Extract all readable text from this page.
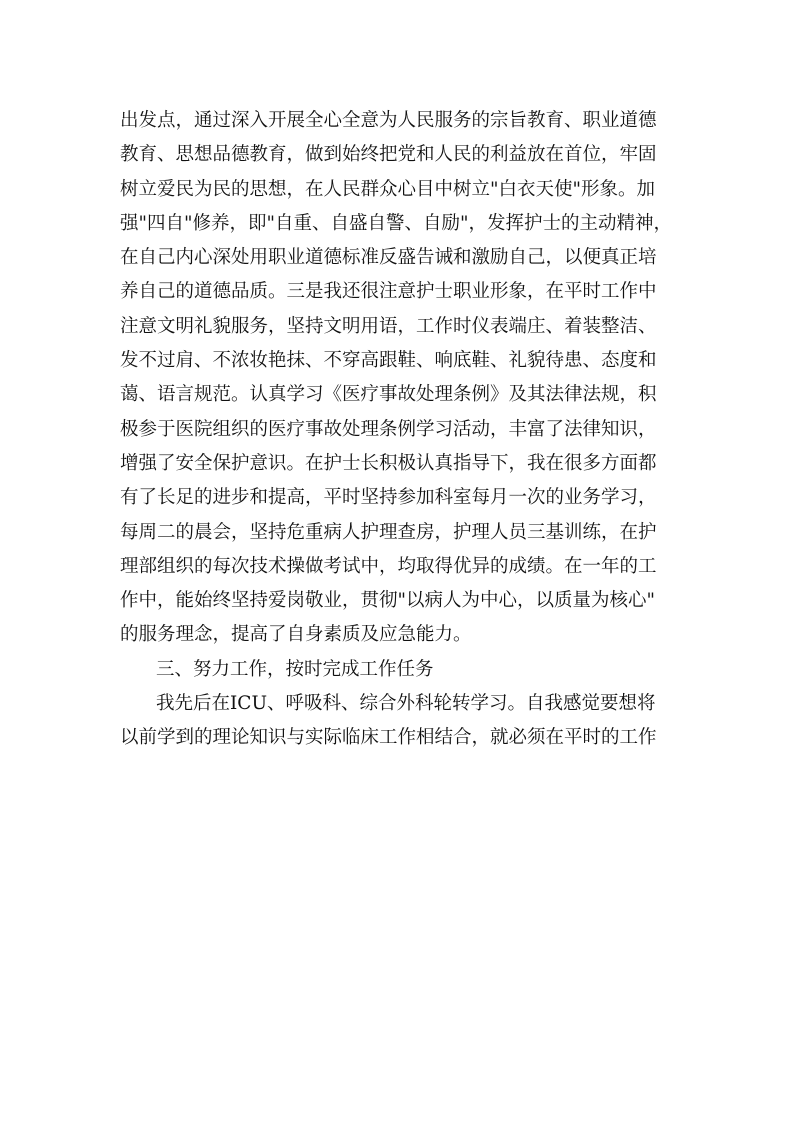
出发点，通过深入开展全心全意为人民服务的宗旨教育、职业道德

教育、思想品德教育，做到始终把党和人民的利益放在首位，牢固

树立爱民为民的思想，在人民群众心目中树立"白衣天使"形象。加

强"四自"修养，即"自重、自盛自警、自励"，发挥护士的主动精神，

在自己内心深处用职业道德标准反盛告诫和激励自己，以便真正培

养自己的道德品质。三是我还很注意护士职业形象，在平时工作中

注意文明礼貌服务，坚持文明用语，工作时仪表端庄、着装整洁、

发不过肩、不浓妆艳抹、不穿高跟鞋、响底鞋、礼貌待患、态度和

蔼、语言规范。认真学习《医疗事故处理条例》及其法律法规，积

极参于医院组织的医疗事故处理条例学习活动，丰富了法律知识，

增强了安全保护意识。在护士长积极认真指导下，我在很多方面都

有了长足的进步和提高，平时坚持参加科室每月一次的业务学习，

每周二的晨会，坚持危重病人护理查房，护理人员三基训练，在护

理部组织的每次技术操做考试中，均取得优异的成绩。在一年的工

作中，能始终坚持爱岗敬业，贯彻"以病人为中心，以质量为核心"

的服务理念，提高了自身素质及应急能力。

三、努力工作，按时完成工作任务

我先后在ICU、呼吸科、综合外科轮转学习。自我感觉要想将

以前学到的理论知识与实际临床工作相结合，就必须在平时的工作
